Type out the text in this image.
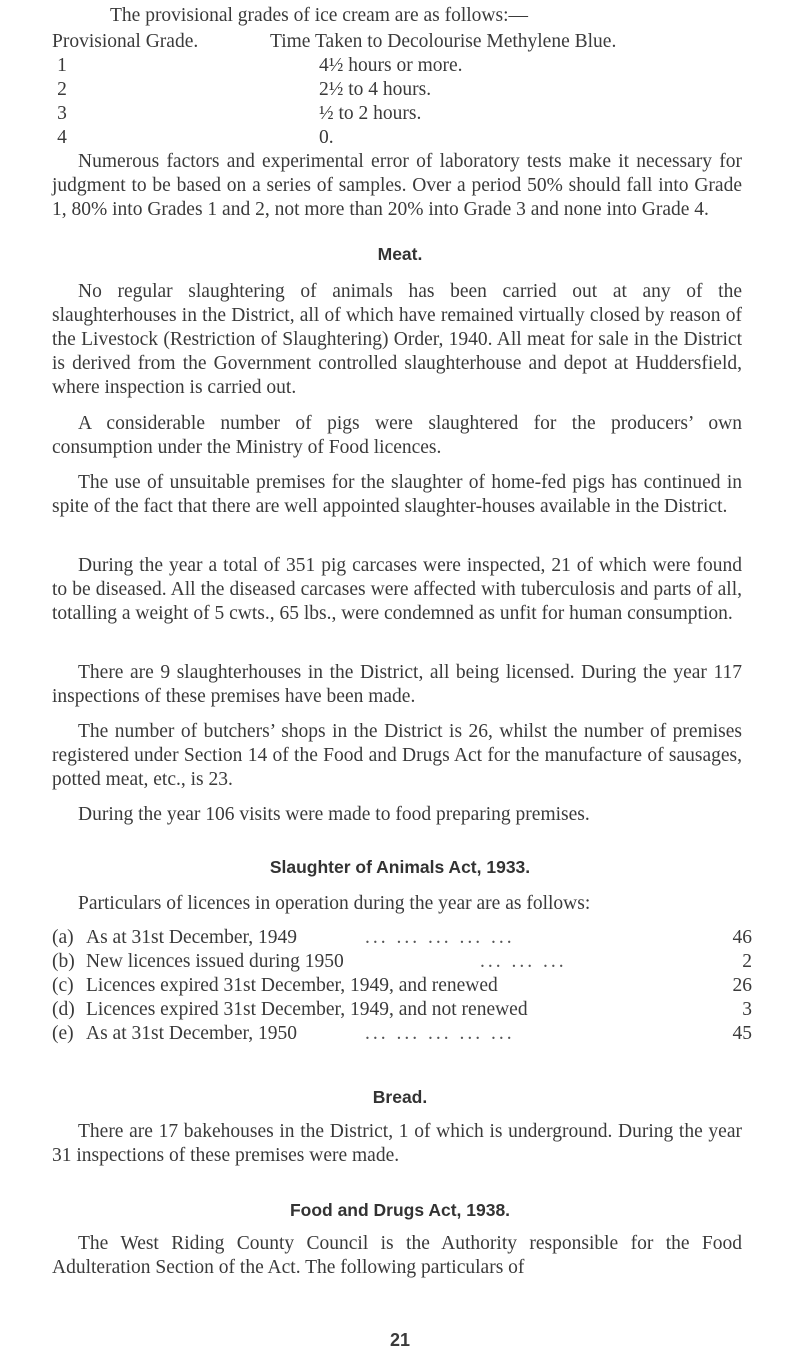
The provisional grades of ice cream are as follows:—
Provisional Grade.	Time Taken to Decolourise Methylene Blue.
1	4½ hours or more.
2	2½ to 4 hours.
3	½ to 2 hours.
4	0.

Numerous factors and experimental error of laboratory tests make it necessary for judgment to be based on a series of samples. Over a period 50% should fall into Grade 1, 80% into Grades 1 and 2, not more than 20% into Grade 3 and none into Grade 4.

Meat.

No regular slaughtering of animals has been carried out at any of the slaughterhouses in the District, all of which have remained virtually closed by reason of the Livestock (Restriction of Slaughtering) Order, 1940. All meat for sale in the District is derived from the Government controlled slaughterhouse and depot at Huddersfield, where inspection is carried out.

A considerable number of pigs were slaughtered for the producers’ own consumption under the Ministry of Food licences.

The use of unsuitable premises for the slaughter of home-fed pigs has continued in spite of the fact that there are well appointed slaughter-houses available in the District.

During the year a total of 351 pig carcases were inspected, 21 of which were found to be diseased. All the diseased carcases were affected with tuberculosis and parts of all, totalling a weight of 5 cwts., 65 lbs., were condemned as unfit for human consumption.

There are 9 slaughterhouses in the District, all being licensed. During the year 117 inspections of these premises have been made.

The number of butchers’ shops in the District is 26, whilst the number of premises registered under Section 14 of the Food and Drugs Act for the manufacture of sausages, potted meat, etc., is 23.

During the year 106 visits were made to food preparing premises.

Slaughter of Animals Act, 1933.

Particulars of licences in operation during the year are as follows:

(a) As at 31st December, 1949	... ... ... ... ...	46
(b) New licences issued during 1950	... ... ...	2
(c) Licences expired 31st December, 1949, and renewed	26
(d) Licences expired 31st December, 1949, and not renewed	3
(e) As at 31st December, 1950	... ... ... ... ...	45
Bread.

There are 17 bakehouses in the District, 1 of which is underground. During the year 31 inspections of these premises were made.

Food and Drugs Act, 1938.

The West Riding County Council is the Authority responsible for the Food Adulteration Section of the Act. The following particulars of

21
